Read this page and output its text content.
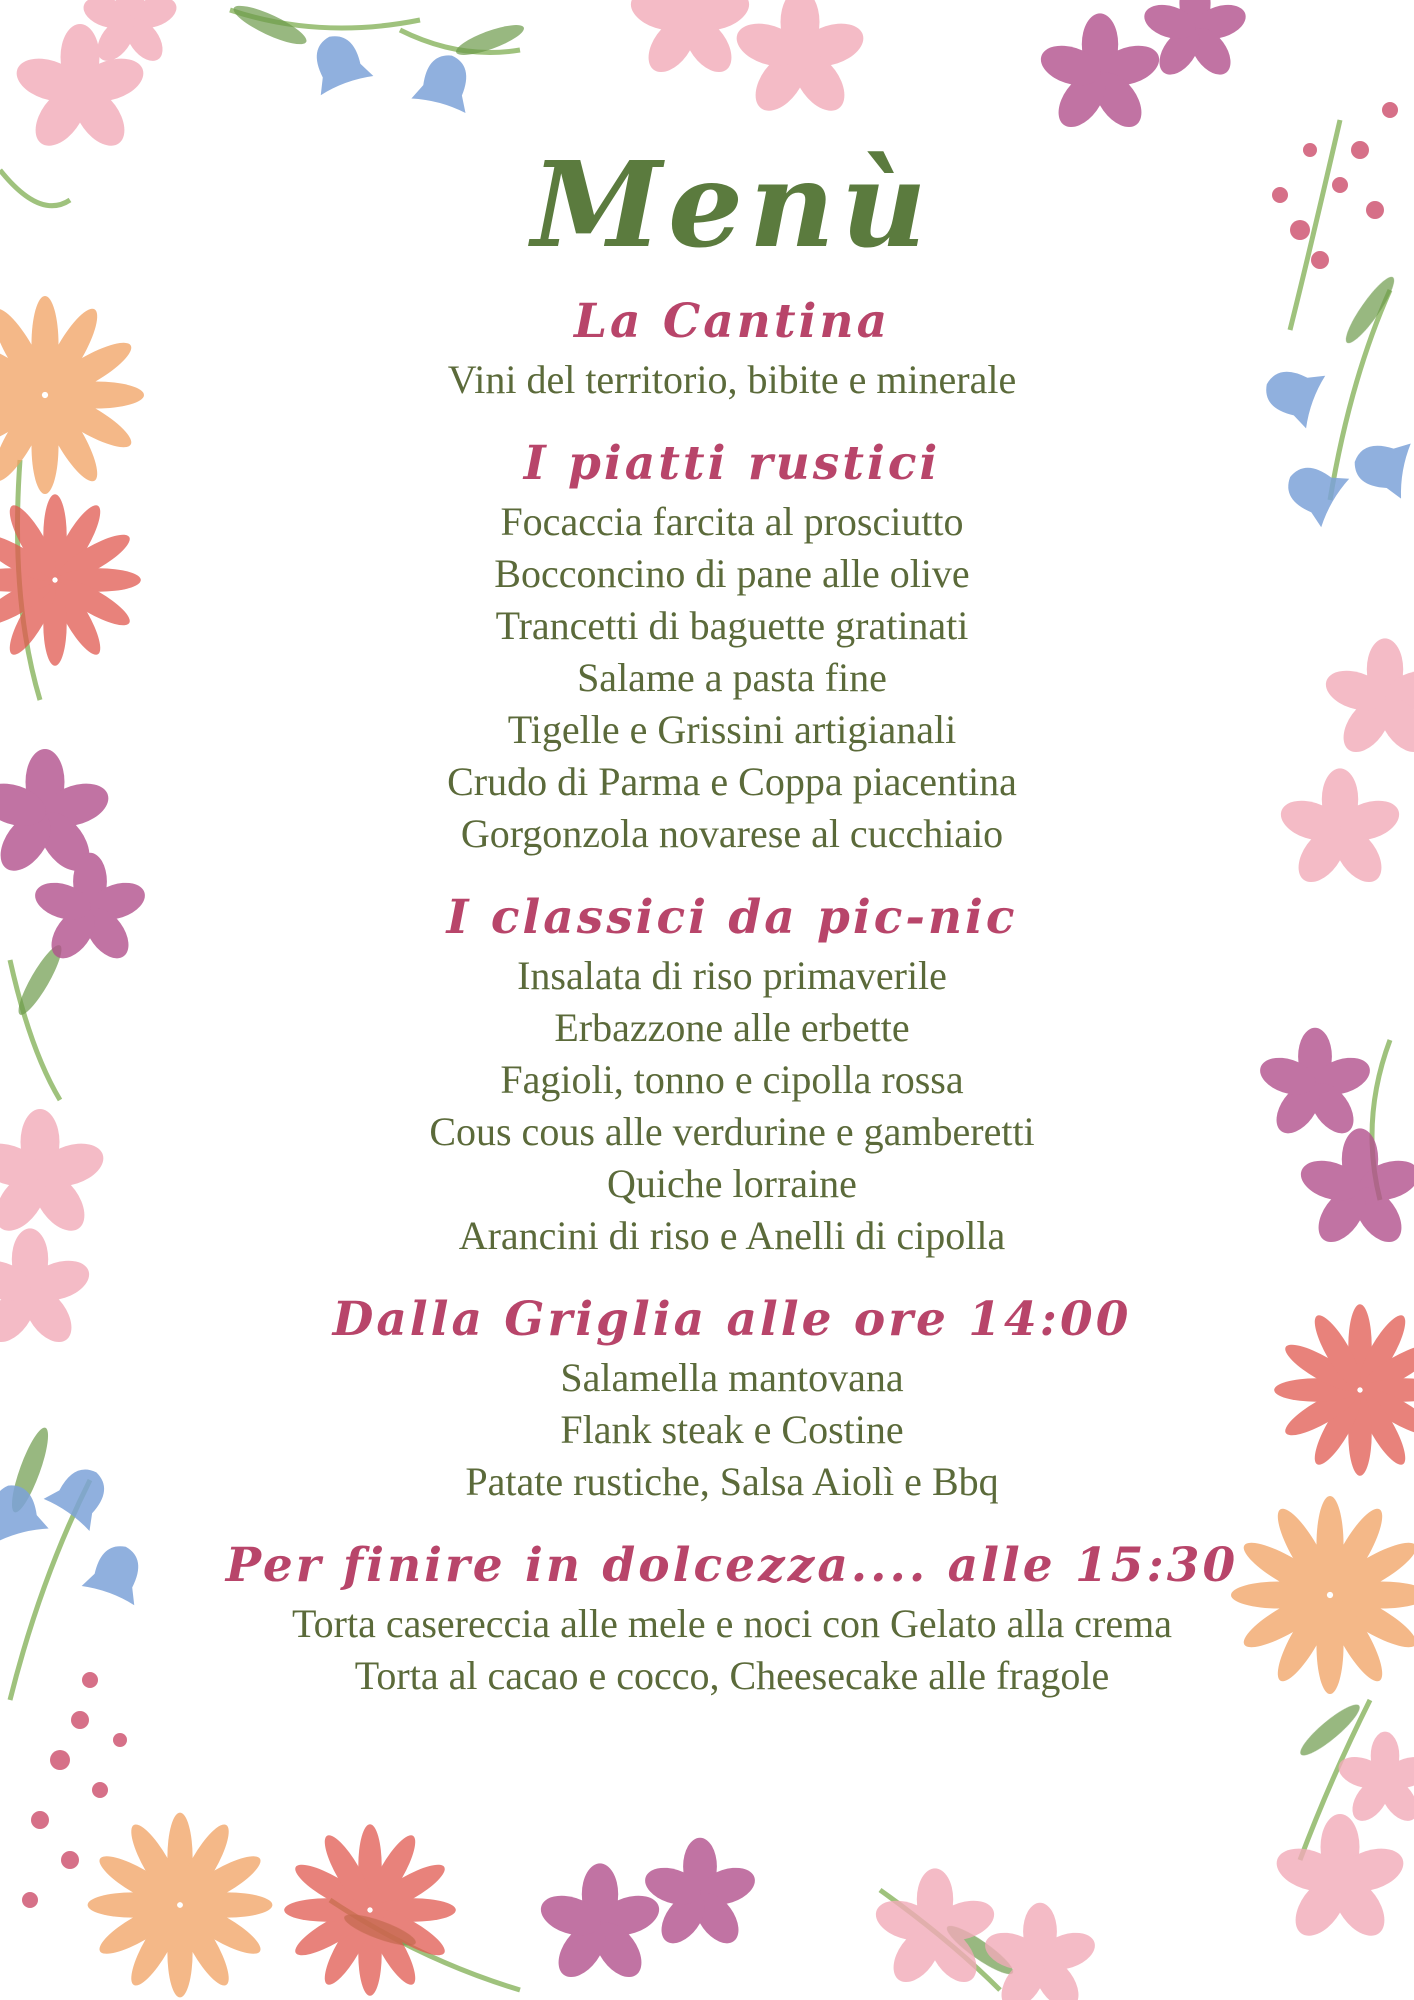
Menù
La Cantina
Vini del territorio, bibite e minerale
I piatti rustici
Focaccia farcita al prosciutto
Bocconcino di pane alle olive
Trancetti di baguette gratinati
Salame a pasta fine
Tigelle e Grissini artigianali
Crudo di Parma e Coppa piacentina
Gorgonzola novarese al cucchiaio
I classici da pic-nic
Insalata di riso primaverile
Erbazzone alle erbette
Fagioli, tonno e cipolla rossa
Cous cous alle verdurine e gamberetti
Quiche lorraine
Arancini di riso e Anelli di cipolla
Dalla Griglia alle ore 14:00
Salamella mantovana
Flank steak e Costine
Patate rustiche, Salsa Aiolì e Bbq
Per finire in dolcezza.... alle 15:30
Torta casereccia alle mele e noci con Gelato alla crema
Torta al cacao e cocco, Cheesecake alle fragole
